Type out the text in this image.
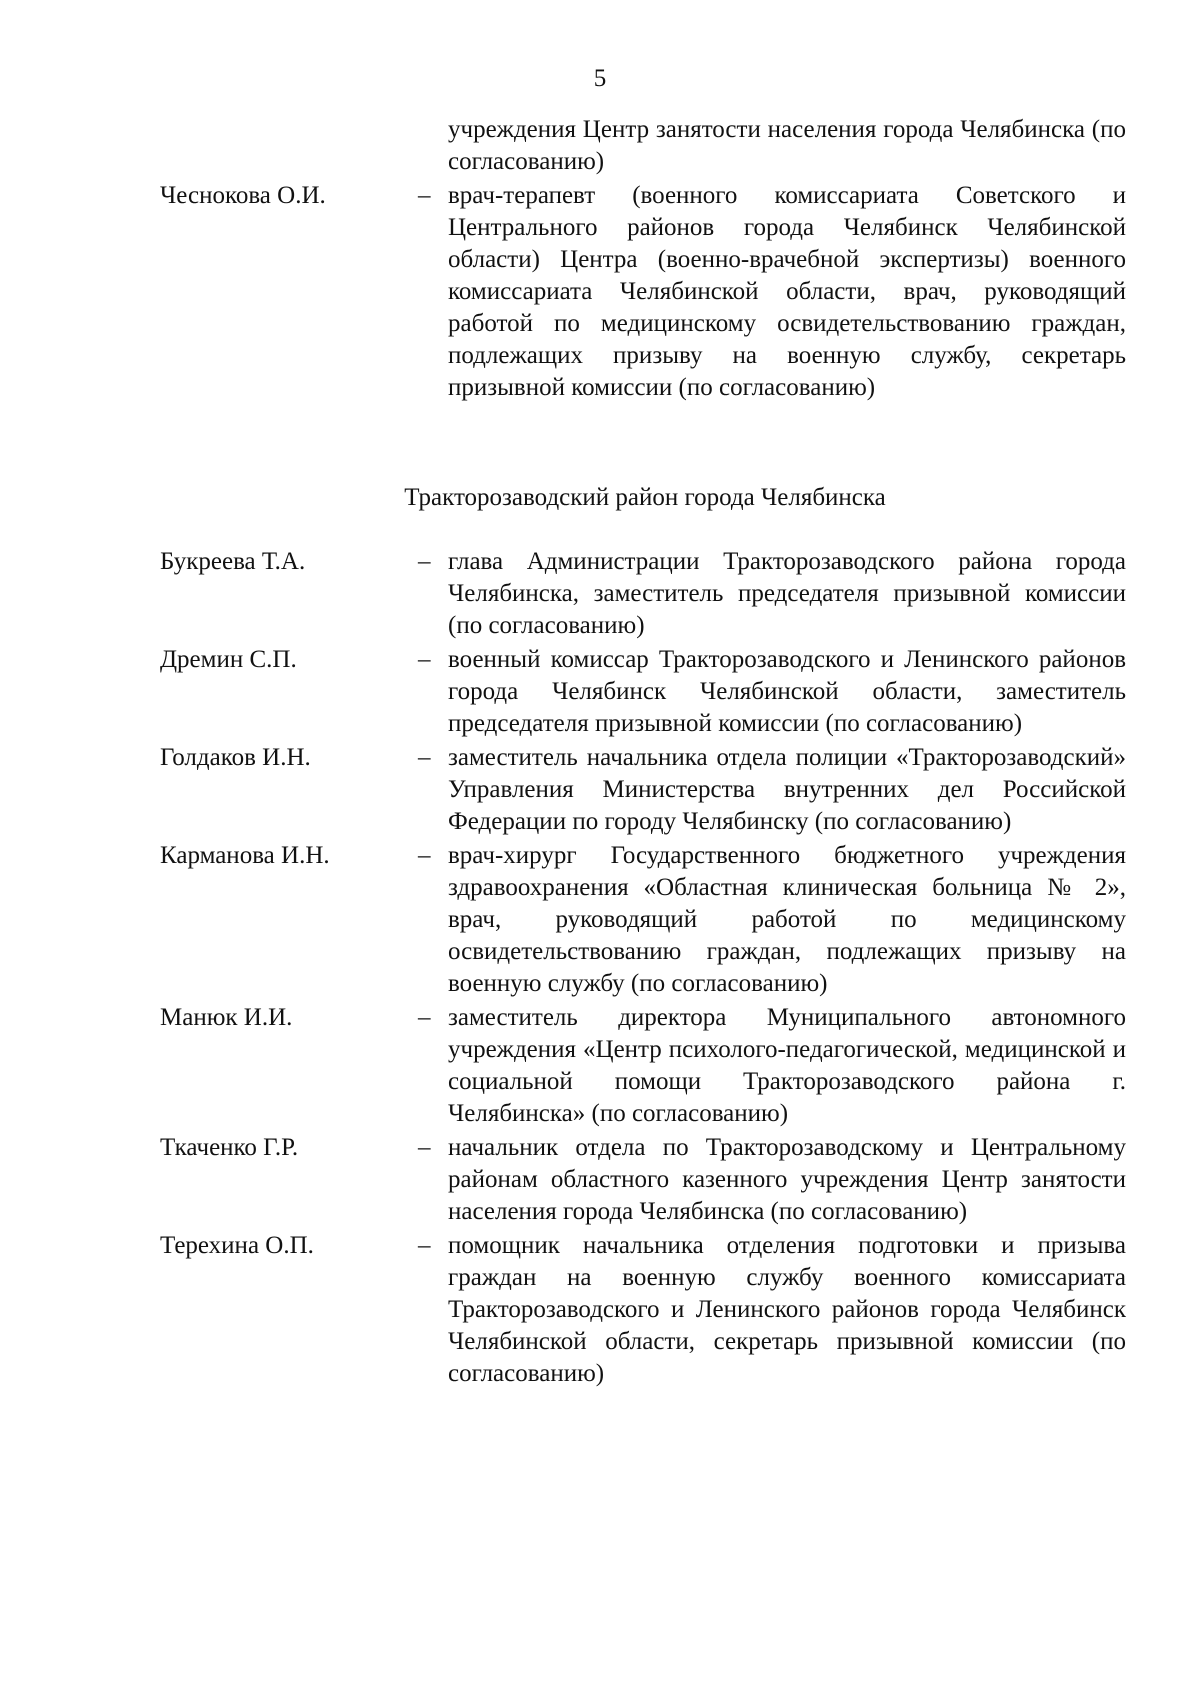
5
учреждения Центр занятости населения города Челябинска (по согласованию)
Чеснокова О.И.	– врач-терапевт (военного комиссариата Советского и Центрального районов города Челябинск Челябинской области) Центра (военно-врачебной экспертизы) военного комиссариата Челябинской области, врач, руководящий работой по медицинскому освидетельствованию граждан, подлежащих призыву на военную службу, секретарь призывной комиссии (по согласованию)
Тракторозаводский район города Челябинска
Букреева Т.А.	– глава Администрации Тракторозаводского района города Челябинска, заместитель председателя призывной комиссии (по согласованию)
Дремин С.П.	– военный комиссар Тракторозаводского и Ленинского районов города Челябинск Челябинской области, заместитель председателя призывной комиссии (по согласованию)
Голдаков И.Н.	– заместитель начальника отдела полиции «Тракторозаводский» Управления Министерства внутренних дел Российской Федерации по городу Челябинску (по согласованию)
Карманова И.Н.	– врач-хирург Государственного бюджетного учреждения здравоохранения «Областная клиническая больница № 2», врач, руководящий работой по медицинскому освидетельствованию граждан, подлежащих призыву на военную службу (по согласованию)
Манюк И.И.	– заместитель директора Муниципального автономного учреждения «Центр психолого-педагогической, медицинской и социальной помощи Тракторозаводского района г. Челябинска» (по согласованию)
Ткаченко Г.Р.	– начальник отдела по Тракторозаводскому и Центральному районам областного казенного учреждения Центр занятости населения города Челябинска (по согласованию)
Терехина О.П.	– помощник начальника отделения подготовки и призыва граждан на военную службу военного комиссариата Тракторозаводского и Ленинского районов города Челябинск Челябинской области, секретарь призывной комиссии (по согласованию)
